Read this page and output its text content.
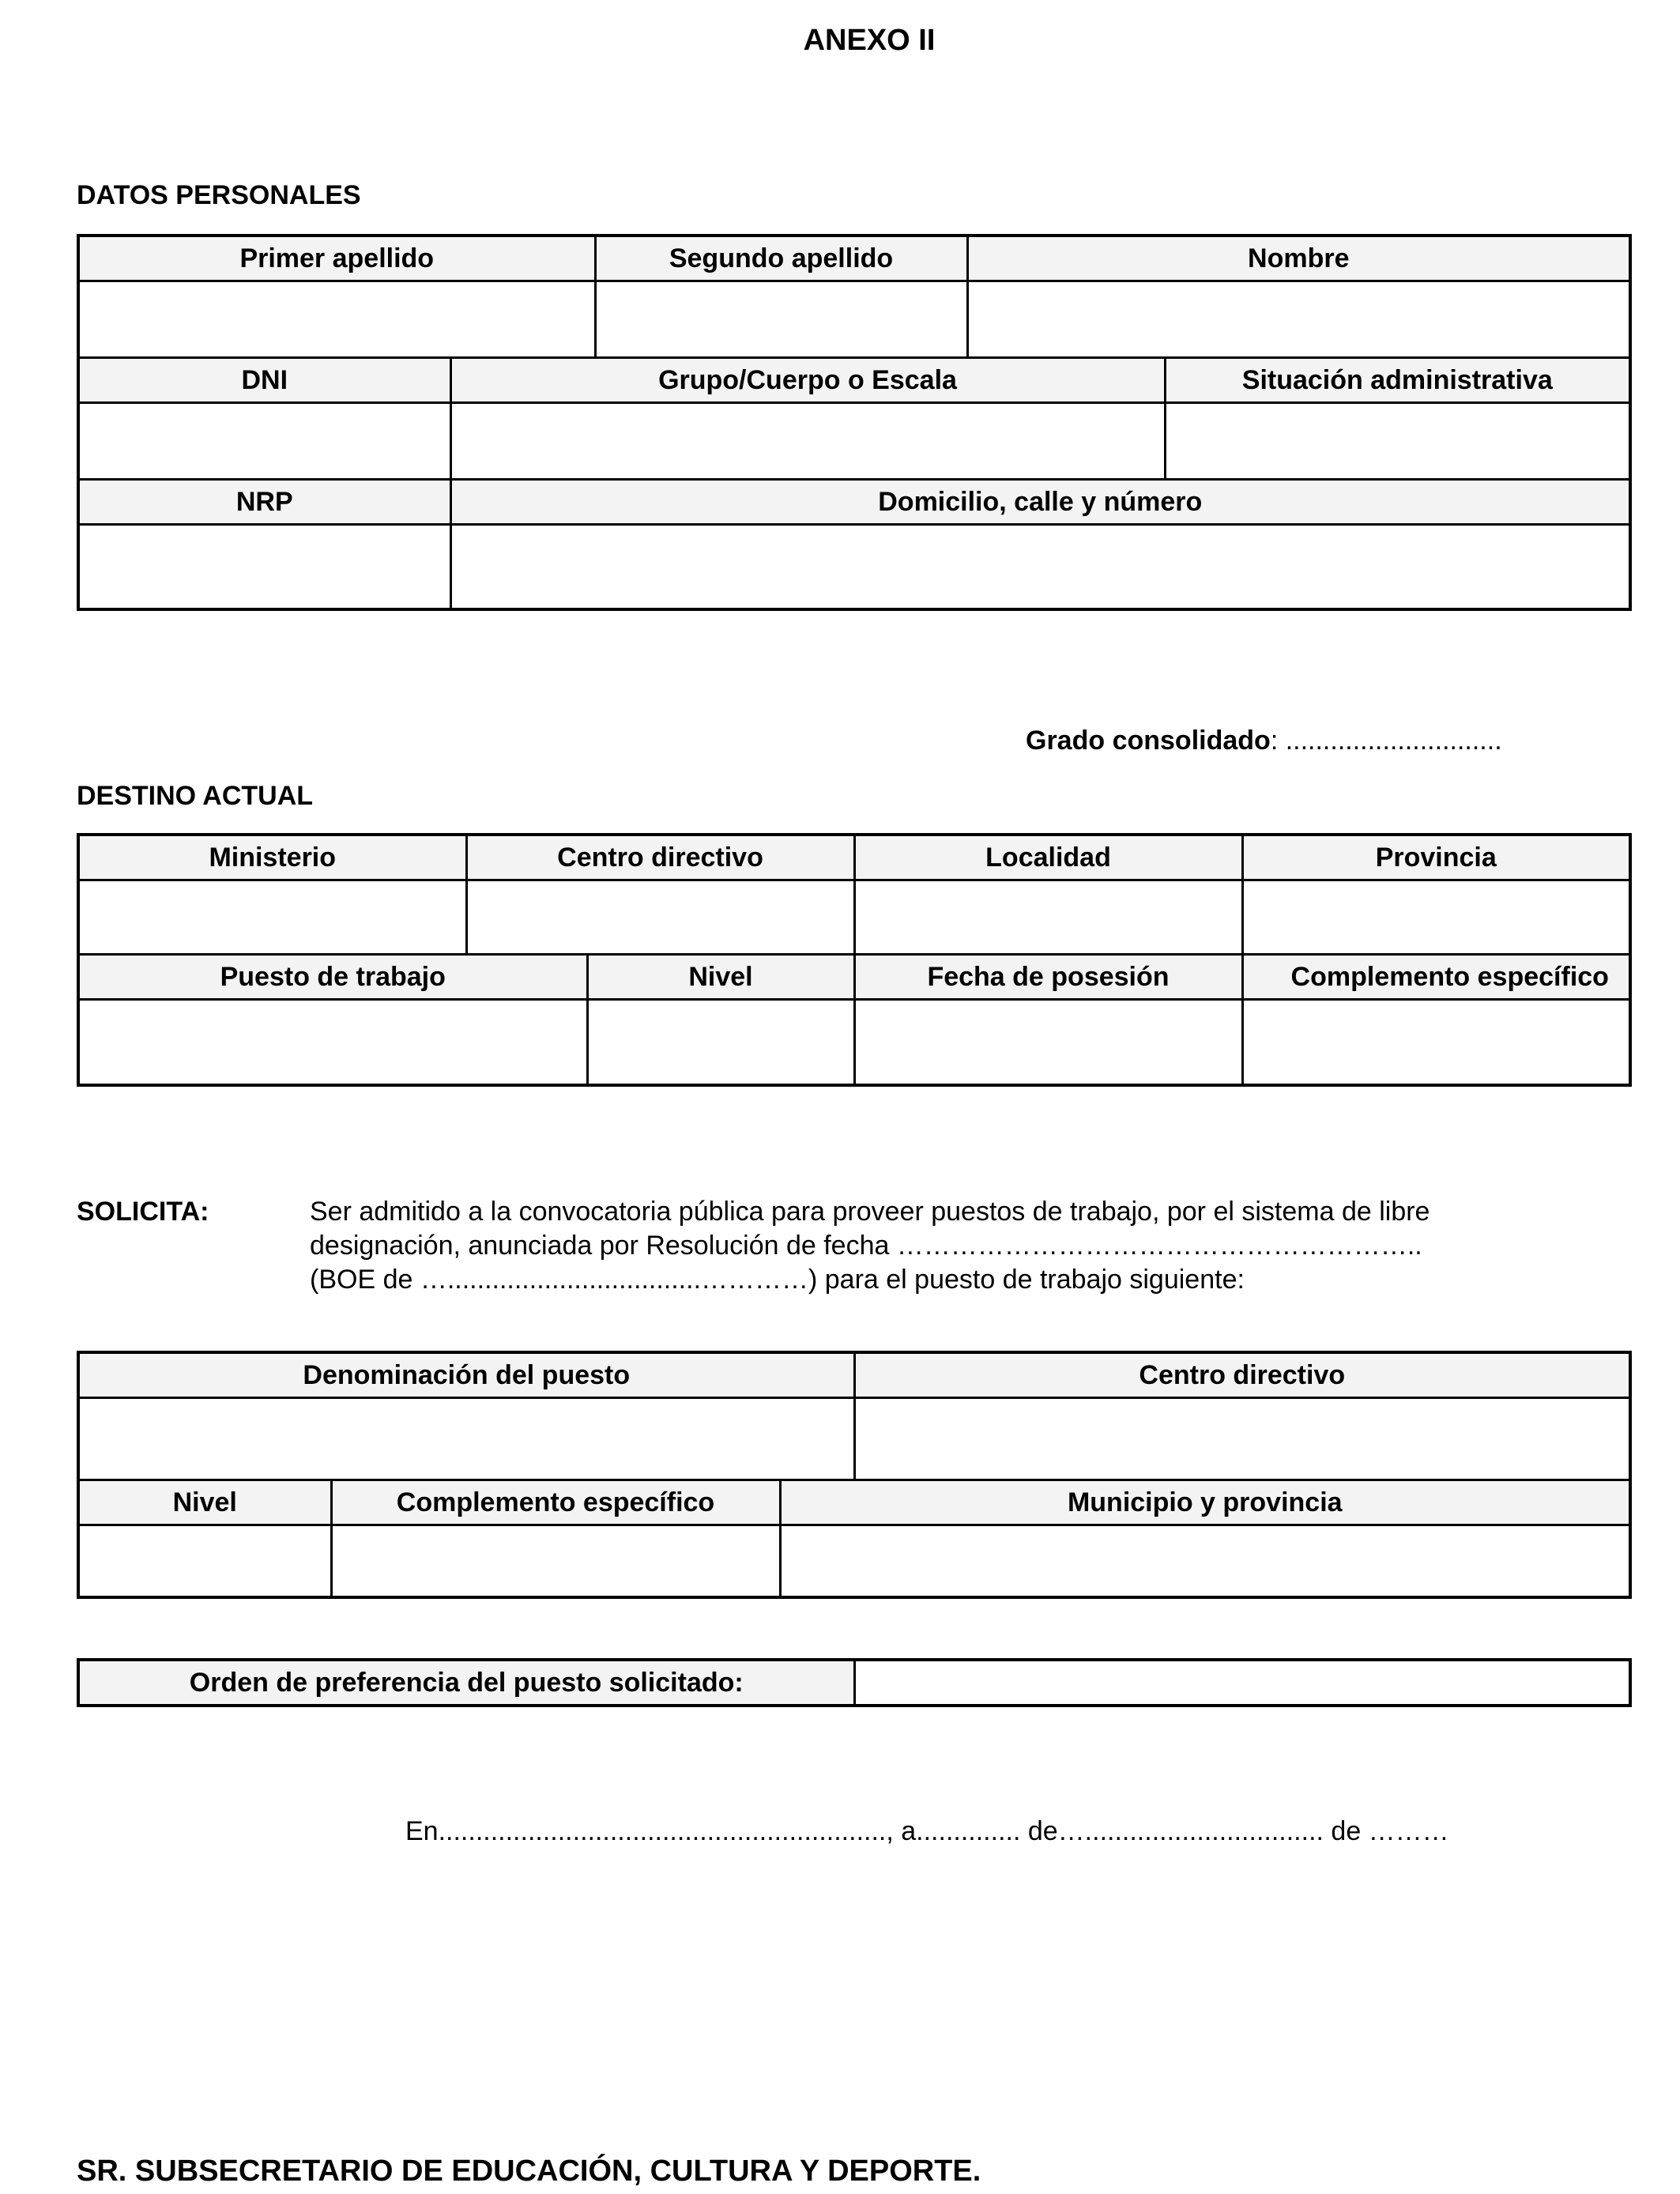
ANEXO II
DATOS PERSONALES
Primer apellido		Segundo apellido	Nombre	

DNI	Grupo/Cuerpo o Escala			Situación administrativa

NRP	Domicilio, calle y número			

Grado consolidado: .............................
DESTINO ACTUAL
Ministerio	Centro directivo		Localidad	Provincia

Puesto de trabajo		Nivel	Fecha de posesión	Complemento específico

SOLICITA:	Ser admitido a la convocatoria pública para proveer puestos de trabajo, por el sistema de libre
designación, anunciada por Resolución de fecha …………………………………………………..
(BOE de …..................................…………) para el puesto de trabajo siguiente:
Denominación del puesto			Centro directivo

Nivel	Complemento específico	Municipio y provincia	

Orden de preferencia del puesto solicitado:	
En............................................................, a.............. de…................................ de ………
SR. SUBSECRETARIO DE EDUCACIÓN, CULTURA Y DEPORTE.
